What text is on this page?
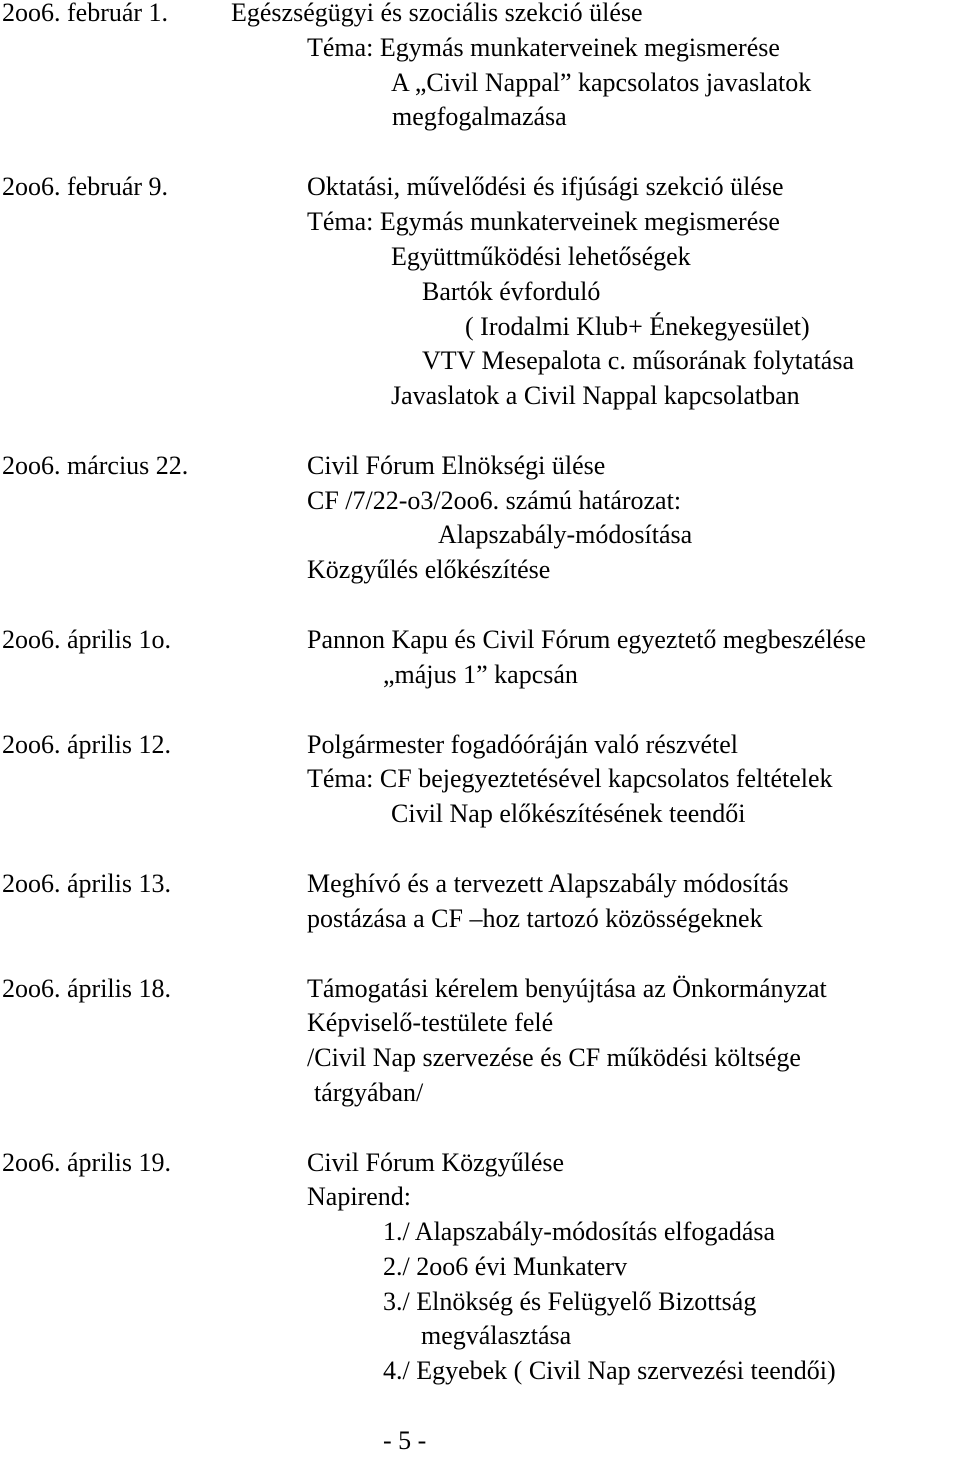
2oo6. február 1. Egészségügyi és szociális szekció ülése
Téma: Egymás munkaterveinek megismerése
A „Civil Nappal” kapcsolatos javaslatok
megfogalmazása
2oo6. február 9.	Oktatási, művelődési és ifjúsági szekció ülése
Téma: Egymás munkaterveinek megismerése
Együttműködési lehetőségek
Bartók évforduló
( Irodalmi Klub+ Énekegyesület)
VTV Mesepalota c. műsorának folytatása
Javaslatok a Civil Nappal kapcsolatban
2oo6. március 22.	Civil Fórum Elnökségi ülése
CF /7/22-o3/2oo6. számú határozat:
Alapszabály-módosítása
Közgyűlés előkészítése
2oo6. április 1o.	Pannon Kapu és Civil Fórum egyeztető megbeszélése
„május 1” kapcsán
2oo6. április 12.	Polgármester fogadóóráján való részvétel
Téma: CF bejegyeztetésével kapcsolatos feltételek
Civil Nap előkészítésének teendői
2oo6. április 13.	Meghívó és a tervezett Alapszabály módosítás
postázása a CF –hoz tartozó közösségeknek
2oo6. április 18.	Támogatási kérelem benyújtása az Önkormányzat
Képviselő-testülete felé
/Civil Nap szervezése és CF működési költsége
tárgyában/
2oo6. április 19.	Civil Fórum Közgyűlése
Napirend:
1./ Alapszabály-módosítás elfogadása
2./ 2oo6 évi Munkaterv
3./ Elnökség és Felügyelő Bizottság
megválasztása
4./ Egyebek ( Civil Nap szervezési teendői)
- 5 -
